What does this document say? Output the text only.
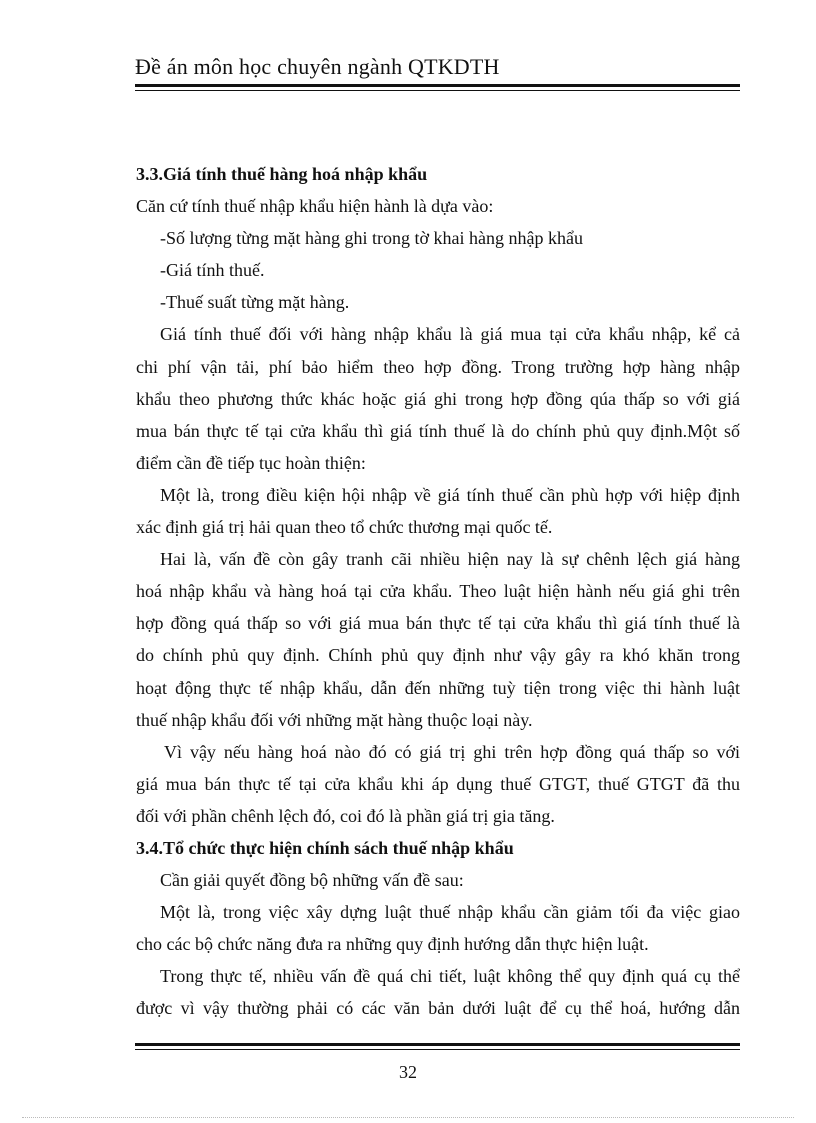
Đề án môn học chuyên ngành QTKDTH
3.3.Giá tính thuế hàng hoá nhập khẩu
Căn cứ tính thuế nhập khẩu hiện hành là dựa vào:
-Số lượng từng mặt hàng ghi trong tờ khai hàng nhập khẩu
-Giá tính thuế.
-Thuế suất từng mặt hàng.
Giá tính thuế đối với hàng nhập khẩu là giá mua tại cửa khẩu nhập, kể cả
chi phí vận tải, phí bảo hiểm theo hợp đồng. Trong trường hợp hàng nhập
khẩu theo phương thức khác hoặc giá ghi trong hợp đồng qúa thấp so với giá
mua bán thực tế tại cửa khẩu thì giá tính thuế là do chính phủ quy định.Một số
điểm cần đề tiếp tục hoàn thiện:
Một là, trong điều kiện hội nhập về giá tính thuế cần phù hợp với hiệp định
xác định giá trị hải quan theo tổ chức thương mại quốc tế.
Hai là, vấn đề còn gây tranh cãi nhiều hiện nay là sự chênh lệch giá hàng
hoá nhập khẩu và hàng hoá tại cửa khẩu. Theo luật hiện hành nếu giá ghi trên
hợp đồng quá thấp so với giá mua bán thực tế tại cửa khẩu thì giá tính thuế là
do chính phủ quy định. Chính phủ quy định như vậy gây ra khó khăn trong
hoạt động thực tế nhập khẩu, dẫn đến những tuỳ tiện trong việc thi hành luật
thuế nhập khẩu đối với những mặt hàng thuộc loại này.
Vì vậy nếu hàng hoá nào đó có giá trị ghi trên hợp đồng quá thấp so với
giá mua bán thực tế tại cửa khẩu khi áp dụng thuế GTGT, thuế GTGT đã thu
đối với phần chênh lệch đó, coi đó là phần giá trị gia tăng.
3.4.Tổ chức thực hiện chính sách thuế nhập khẩu
Cần giải quyết đồng bộ những vấn đề sau:
Một là, trong việc xây dựng luật thuế nhập khẩu cần giảm tối đa việc giao
cho các bộ chức năng đưa ra những quy định hướng dẫn thực hiện luật.
Trong thực tế, nhiều vấn đề quá chi tiết, luật không thể quy định quá cụ thể
được vì vậy thường phải có các văn bản dưới luật để cụ thể hoá, hướng dẫn
32
